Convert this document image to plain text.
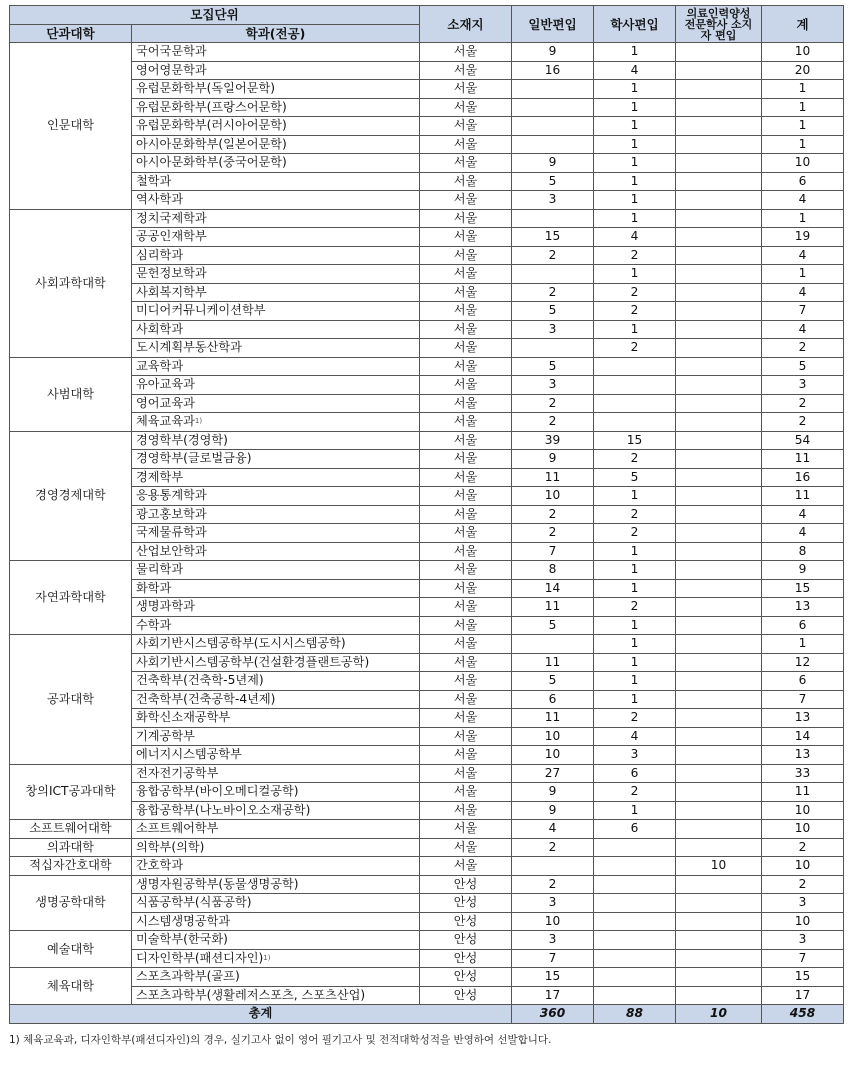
모집단위		소재지	일반편입	학사편입	의료인력양성 전문학사 소지자 편입	계
단과대학	학과(전공)					
인문대학	국어국문학과	서울	9	1		10
	영어영문학과	서울	16	4		20
	유럽문화학부(독일어문학)	서울		1		1
	유럽문화학부(프랑스어문학)	서울		1		1
	유럽문화학부(러시아어문학)	서울		1		1
	아시아문화학부(일본어문학)	서울		1		1
	아시아문화학부(중국어문학)	서울	9	1		10
	철학과	서울	5	1		6
	역사학과	서울	3	1		4
사회과학대학	정치국제학과	서울		1		1
	공공인재학부	서울	15	4		19
	심리학과	서울	2	2		4
	문헌정보학과	서울		1		1
	사회복지학부	서울	2	2		4
	미디어커뮤니케이션학부	서울	5	2		7
	사회학과	서울	3	1		4
	도시계획부동산학과	서울		2		2
사범대학	교육학과	서울	5			5
	유아교육과	서울	3			3
	영어교육과	서울	2			2
	체육교육과$^{1)}$	서울	2			2
경영경제대학	경영학부(경영학)	서울	39	15		54
	경영학부(글로벌금융)	서울	9	2		11
	경제학부	서울	11	5		16
	응용통계학과	서울	10	1		11
	광고홍보학과	서울	2	2		4
	국제물류학과	서울	2	2		4
	산업보안학과	서울	7	1		8
자연과학대학	물리학과	서울	8	1		9
	화학과	서울	14	1		15
	생명과학과	서울	11	2		13
	수학과	서울	5	1		6
공과대학	사회기반시스템공학부(도시시스템공학)	서울		1		1
	사회기반시스템공학부(건설환경플랜트공학)	서울	11	1		12
	건축학부(건축학-5년제)	서울	5	1		6
	건축학부(건축공학-4년제)	서울	6	1		7
	화학신소재공학부	서울	11	2		13
	기계공학부	서울	10	4		14
	에너지시스템공학부	서울	10	3		13
창의ICT공과대학	전자전기공학부	서울	27	6		33
	융합공학부(바이오메디컬공학)	서울	9	2		11
	융합공학부(나노바이오소재공학)	서울	9	1		10
소프트웨어대학	소프트웨어학부	서울	4	6		10
의과대학	의학부(의학)	서울	2			2
적십자간호대학	간호학과	서울			10	10
생명공학대학	생명자원공학부(동물생명공학)	안성	2			2
	식품공학부(식품공학)	안성	3			3
	시스템생명공학과	안성	10			10
예술대학	미술학부(한국화)	안성	3			3
	디자인학부(패션디자인)$^{1)}$	안성	7			7
체육대학	스포츠과학부(골프)	안성	15			15
	스포츠과학부(생활레저스포츠, 스포츠산업)	안성	17			17
총계			360	88	10	458
1) 체육교육과, 디자인학부(패션디자인)의 경우, 실기고사 없이 영어 필기고사 및 전적대학성적을 반영하여 선발합니다.
